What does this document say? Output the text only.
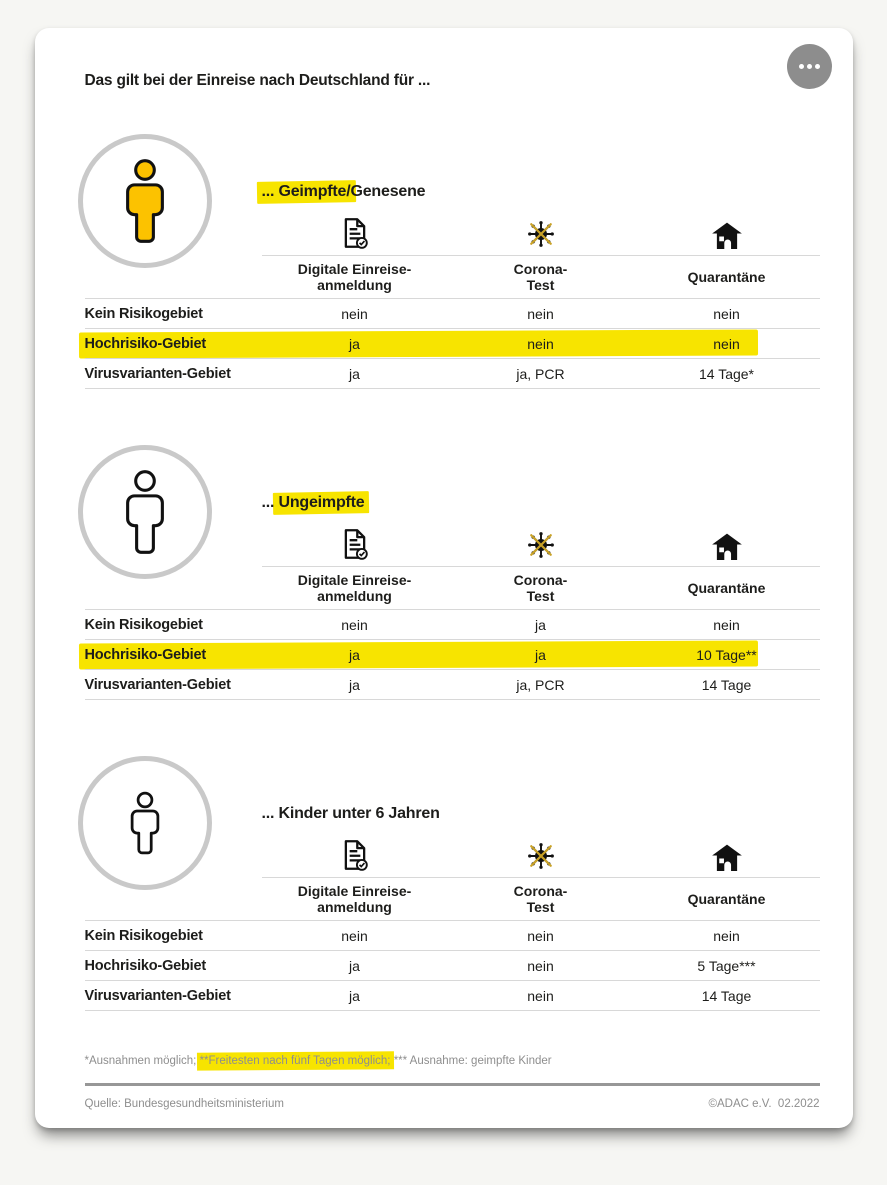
Das gilt bei der Einreise nach Deutschland für ...
... Geimpfte/Genesene
Digitale Einreise-
anmeldung
Corona-
Test
Quarantäne
Kein Risikogebiet	nein	nein	nein
Hochrisiko-Gebiet	ja	nein	nein
Virusvarianten-Gebiet	ja	ja, PCR	14 Tage*
... Ungeimpfte
Digitale Einreise-
anmeldung
Corona-
Test
Quarantäne
Kein Risikogebiet	nein	ja	nein
Hochrisiko-Gebiet	ja	ja	10 Tage**
Virusvarianten-Gebiet	ja	ja, PCR	14 Tage
... Kinder unter 6 Jahren
Digitale Einreise-
anmeldung
Corona-
Test
Quarantäne
Kein Risikogebiet	nein	nein	nein
Hochrisiko-Gebiet	ja	nein	5 Tage***
Virusvarianten-Gebiet	ja	nein	14 Tage

*Ausnahmen möglich; **Freitesten nach fünf Tagen möglich; *** Ausnahme: geimpfte Kinder

Quelle: Bundesgesundheitsministerium	©ADAC e.V.  02.2022
